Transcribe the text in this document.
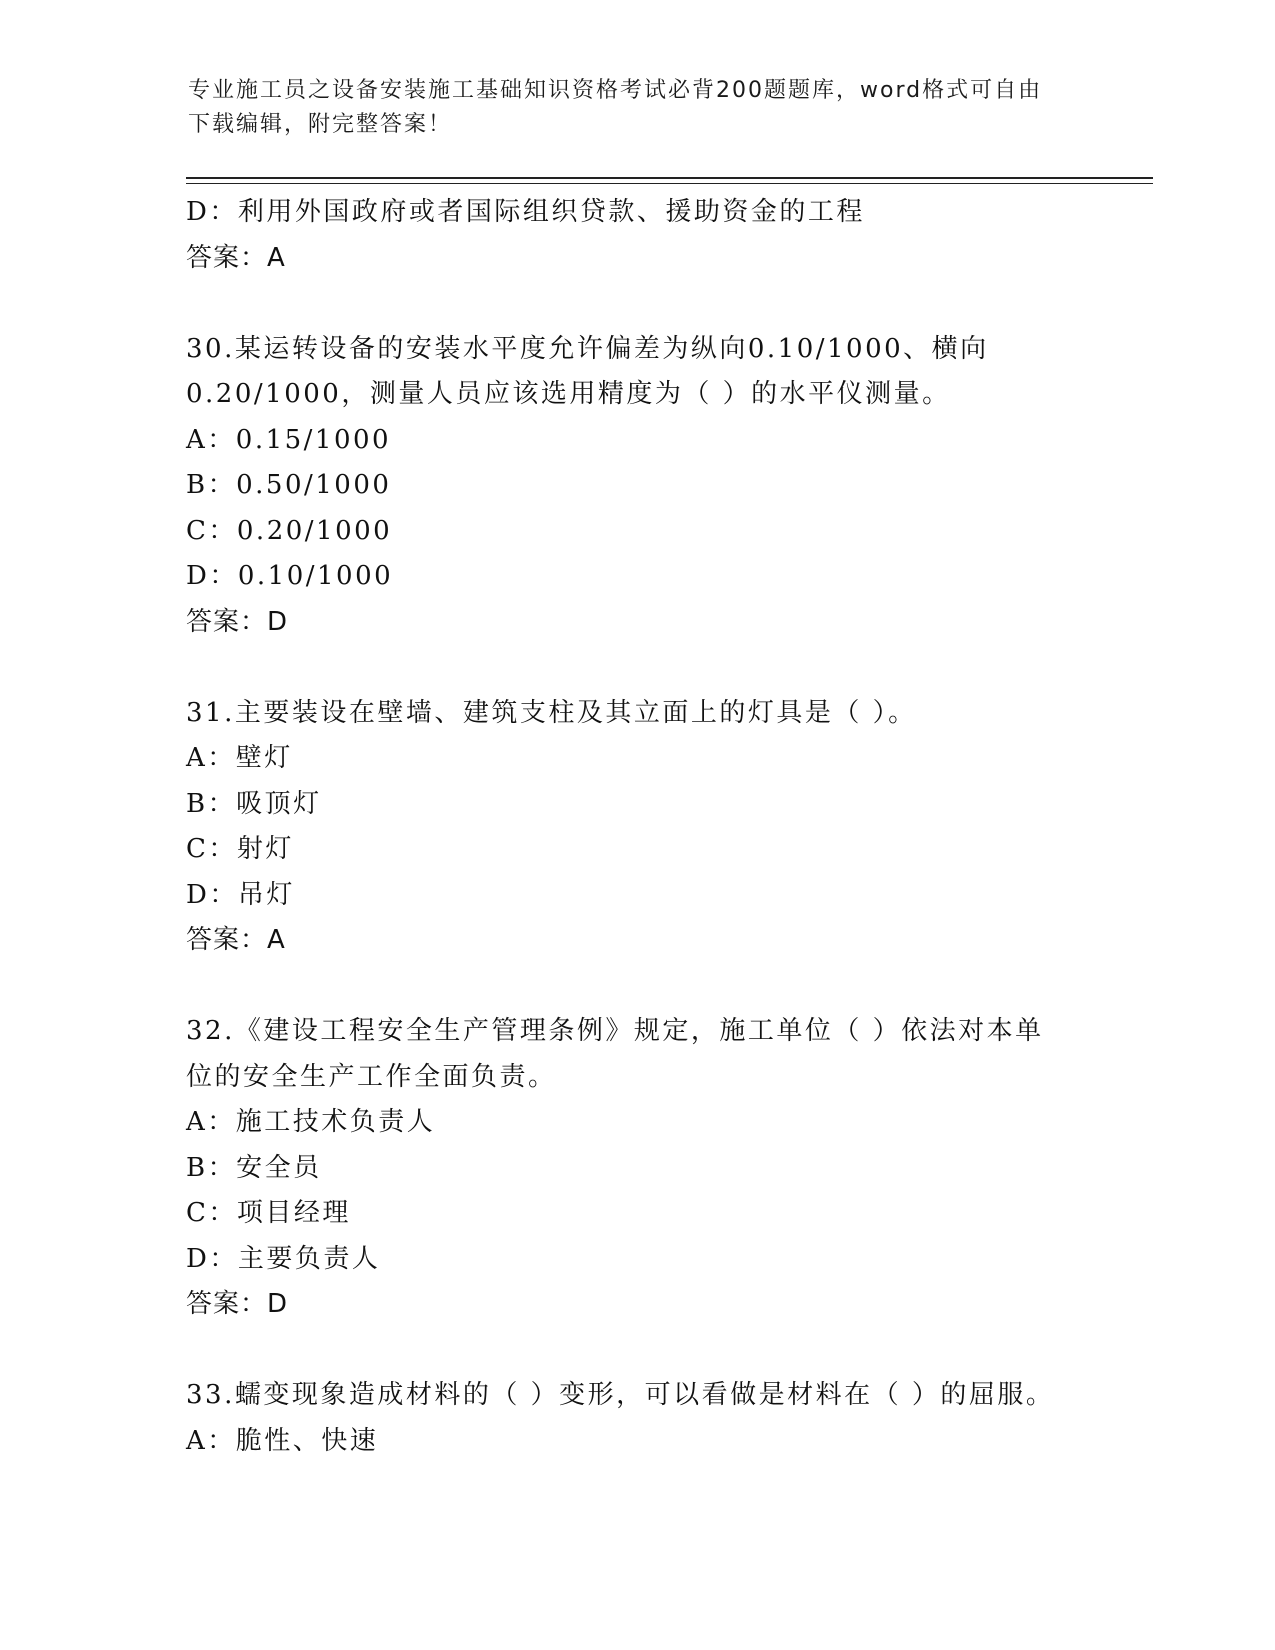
专业施工员之设备安装施工基础知识资格考试必背200题题库，word格式可自由
下载编辑，附完整答案！
D：利用外国政府或者国际组织贷款、援助资金的工程
答案：A
30.某运转设备的安装水平度允许偏差为纵向0.10/1000、横向
0.20/1000，测量人员应该选用精度为（ ）的水平仪测量。
A：0.15/1000
B：0.50/1000
C：0.20/1000
D：0.10/1000
答案：D
31.主要装设在壁墙、建筑支柱及其立面上的灯具是（ ）。
A：壁灯
B：吸顶灯
C：射灯
D：吊灯
答案：A
32.《建设工程安全生产管理条例》规定，施工单位（ ）依法对本单
位的安全生产工作全面负责。
A：施工技术负责人
B：安全员
C：项目经理
D：主要负责人
答案：D
33.蠕变现象造成材料的（ ）变形，可以看做是材料在（ ）的屈服。
A：脆性、快速
